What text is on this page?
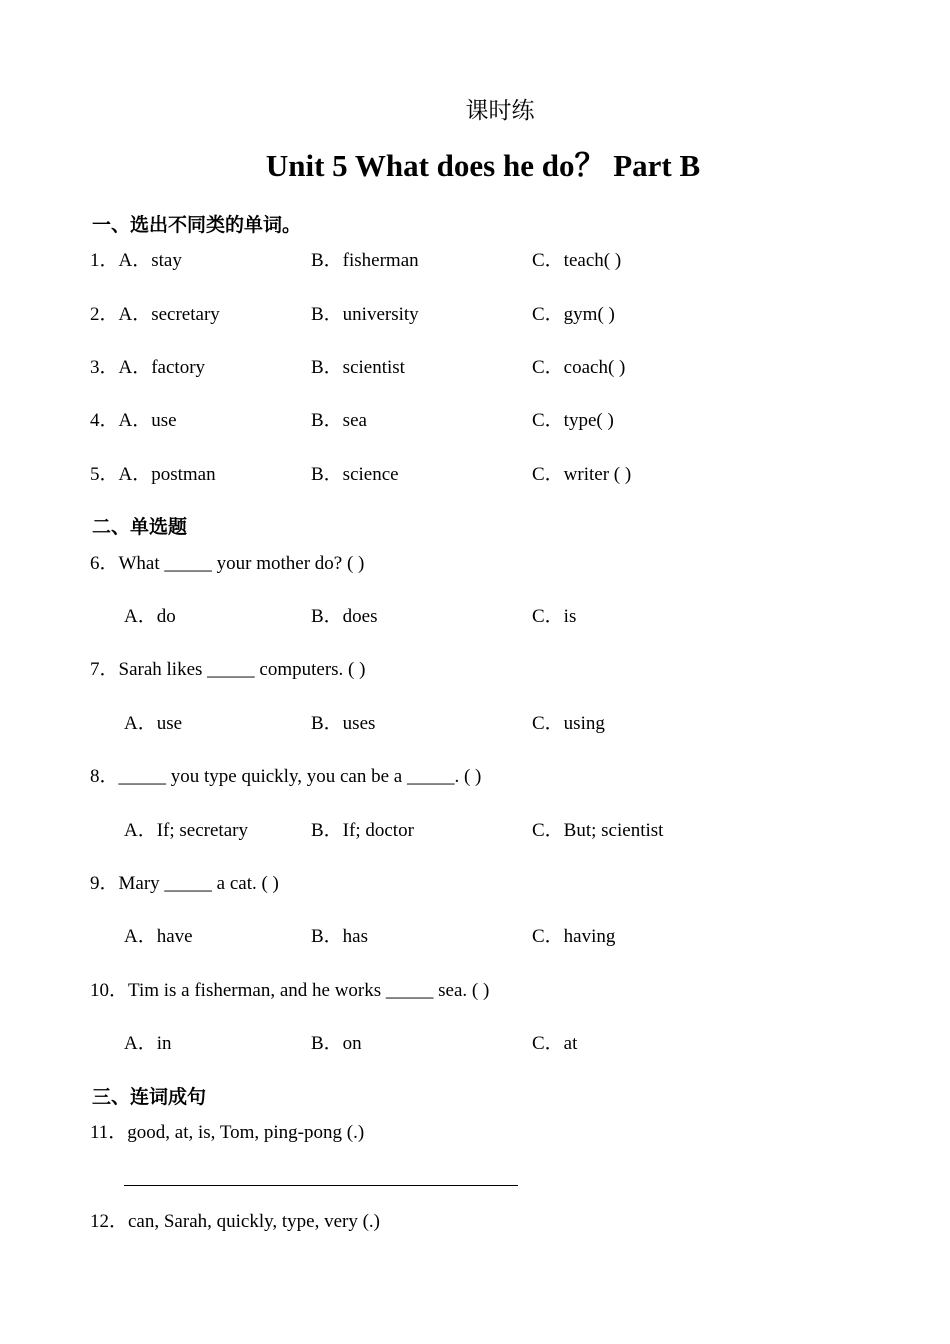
课时练
Unit 5 What does he do？ Part B
一、选出不同类的单词。
1．A．stay	B．fisherman	C．teach( )
2．A．secretary	B．university	C．gym( )
3．A．factory	B．scientist	C．coach( )
4．A．use	B．sea	C．type( )
5．A．postman	B．science	C．writer ( )
二、单选题
6．What _____ your mother do? ( )
A．do	B．does	C．is
7．Sarah likes _____ computers. ( )
A．use	B．uses	C．using
8．_____ you type quickly, you can be a _____. ( )
A．If; secretary	B．If; doctor	C．But; scientist
9．Mary _____ a cat. ( )
A．have	B．has	C．having
10．Tim is a fisherman, and he works _____ sea. ( )
A．in	B．on	C．at
三、连词成句
11．good, at, is, Tom, ping-pong (.)
12．can, Sarah, quickly, type, very (.)
